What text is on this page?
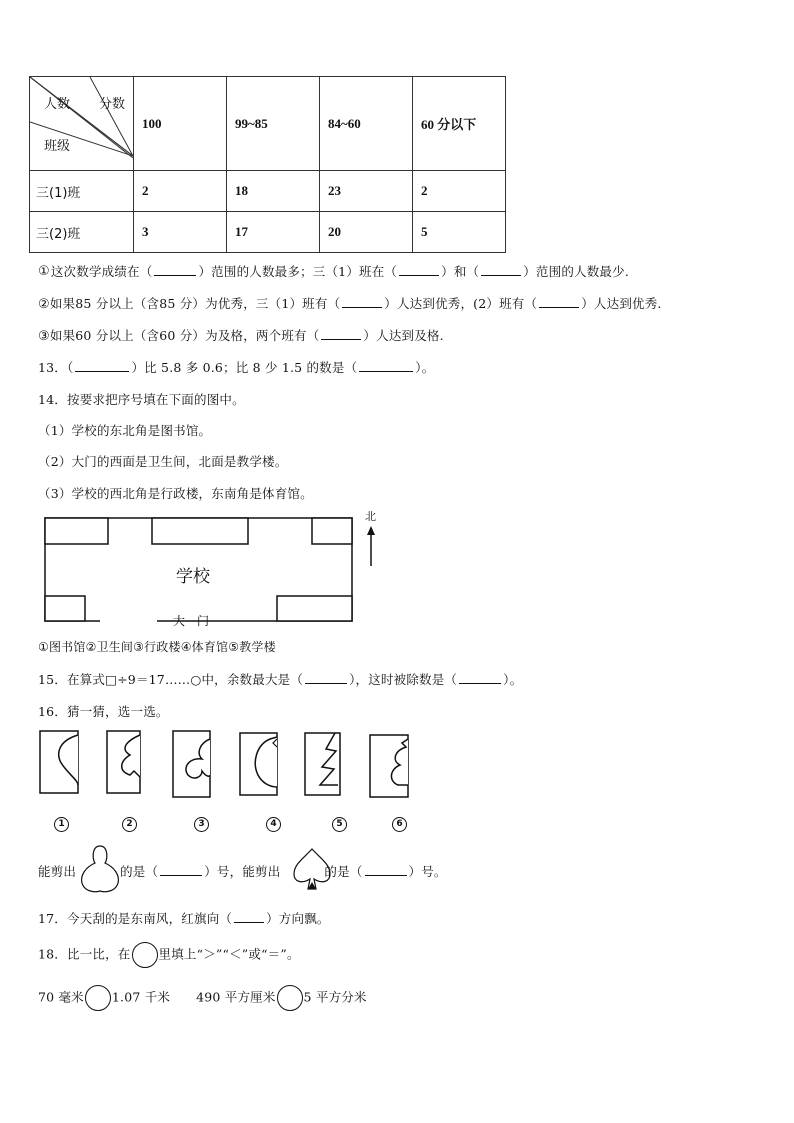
人数 分数
班级	100	99~85	84~60	60 分以下
三(1)班	2	18	23	2
三(2)班	3	17	20	5
①这次数学成绩在（	）范围的人数最多；三（1）班在（	）和（	）范围的人数最少.
②如果85 分以上（含85 分）为优秀，三（1）班有（	）人达到优秀，(2）班有（	）人达到优秀.
③如果60 分以上（含60 分）为及格，两个班有（	）人达到及格.
13．（	）比 5.8 多 0.6；比 8 少 1.5 的数是（	）。
14．按要求把序号填在下面的图中。
（1）学校的东北角是图书馆。
（2）大门的西面是卫生间，北面是教学楼。
（3）学校的西北角是行政楼，东南角是体育馆。
学校
大　门
北
①图书馆②卫生间③行政楼④体育馆⑤教学楼
15．在算式□÷9＝17……○中，余数最大是（	），这时被除数是（	）。
16．猜一猜，选一选。
1	2	3	4	5	6
能剪出	的是（	）号，能剪出	的是（	）号。
17．今天刮的是东南风，红旗向（	）方向飘。
18．比一比，在 里填上“＞”“＜”或“＝”。
70 毫米 1.07 千米 490 平方厘米 5 平方分米
